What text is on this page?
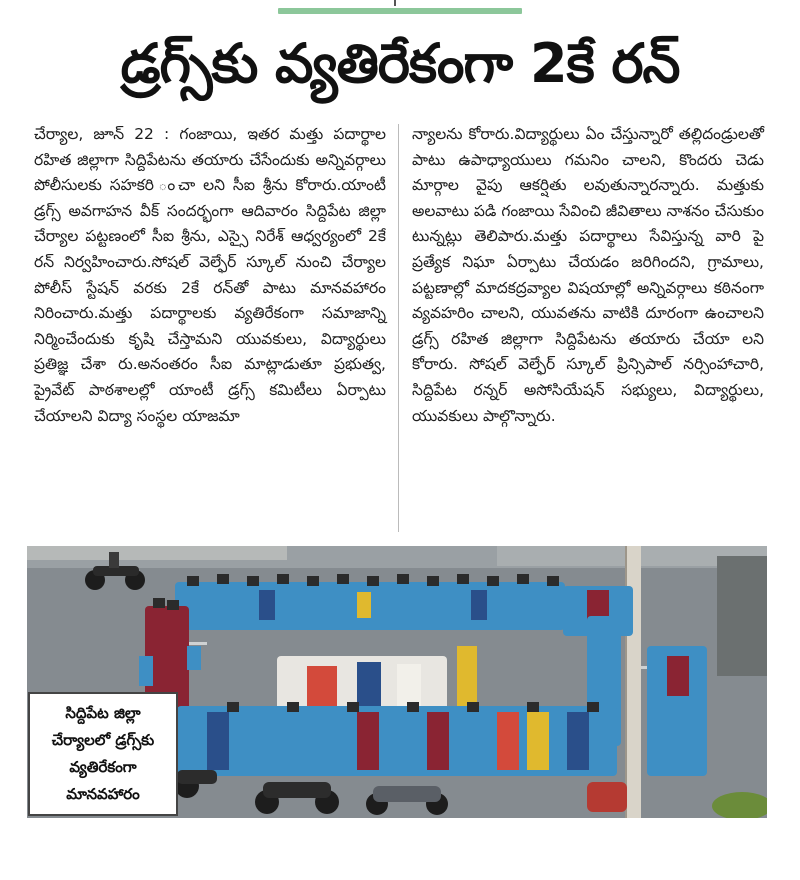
డ్రగ్స్‌కు వ్యతిరేకంగా 2కే రన్

చేర్యాల, జూన్ 22 : గంజాయి, ఇతర మత్తు పదార్థాల రహిత జిల్లాగా సిద్దిపేటను తయారు చేసేందుకు అన్నివర్గాలు పోలీసులకు సహకరి ంచా లని సీఐ శ్రీను కోరారు.యాంటీ డ్రగ్స్ అవగాహన వీక్ సందర్భంగా ఆదివారం సిద్దిపేట జిల్లా చేర్యాల పట్టణంలో సీఐ శ్రీను, ఎస్సై నిరేశ్ ఆధ్వర్యంలో 2కే రన్ నిర్వహించారు.సోషల్ వెల్ఫేర్ స్కూల్ నుంచి చేర్యాల పోలీస్ స్టేషన్ వరకు 2కే రన్‌తో పాటు మానవహారం నిరించారు.మత్తు పదార్థాలకు వ్యతిరేకంగా సమాజాన్ని నిర్మించేందుకు కృషి చేస్తామని యువకులు, విద్యార్థులు ప్రతిజ్ఞ చేశా రు.అనంతరం సీఐ మాట్లాడుతూ ప్రభుత్వ, ప్రైవేట్ పాఠశాలల్లో యాంటీ డ్రగ్స్ కమిటీలు ఏర్పాటు చేయాలని విద్యా సంస్థల యాజమా

న్యాలను కోరారు.విద్యార్థులు ఏం చేస్తున్నారో తల్లిదండ్రులతో పాటు ఉపాధ్యాయులు గమనిం చాలని, కొందరు చెడు మార్గాల వైపు ఆకర్షితు లవుతున్నారన్నారు. మత్తుకు అలవాటు పడి గంజాయి సేవించి జీవితాలు నాశనం చేసుకుం టున్నట్లు తెలిపారు.మత్తు పదార్థాలు సేవిస్తున్న వారి పై ప్రత్యేక నిఘా ఏర్పాటు చేయడం జరిగిందని, గ్రామాలు, పట్టణాల్లో మాదకద్రవ్యాల విషయాల్లో అన్నివర్గాలు కఠినంగా వ్యవహరిం చాలని, యువతను వాటికి దూరంగా ఉంచాలని డ్రగ్స్ రహిత జిల్లాగా సిద్దిపేటను తయారు చేయా లని కోరారు. సోషల్ వెల్ఫేర్ స్కూల్ ప్రిన్సిపాల్ నర్సింహాచారి, సిద్దిపేట రన్నర్ అసోసియేషన్ సభ్యులు, విద్యార్థులు, యువకులు పాల్గొన్నారు.

సిద్దిపేట జిల్లా
చేర్యాలలో డ్రగ్స్‌కు
వ్యతిరేకంగా
మానవహారం
